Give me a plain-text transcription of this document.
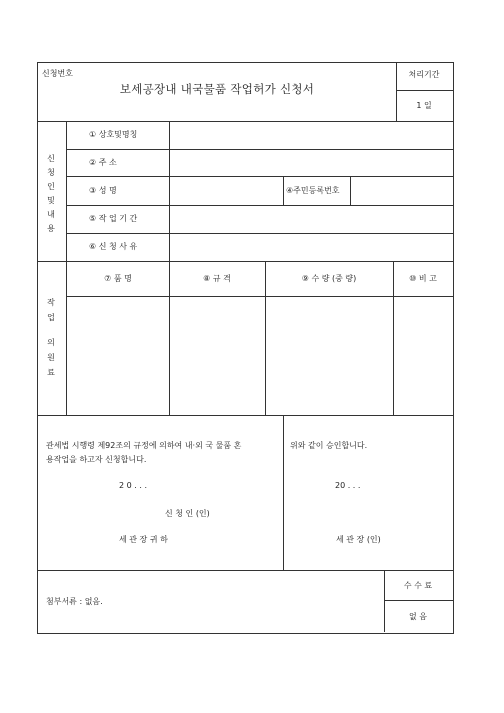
신청번호
보세공장내 내국물품 작업허가 신청서
처리기간
1 일
신
청
인
및
내
용
① 상호및명칭
② 주 소
③ 성 명	④주민등록번호
⑤ 작 업 기 간
⑥ 신 청 사 유
작
업
의
원
료
⑦ 품 명	⑧ 규 격	⑨ 수 량 (중 량)	⑩ 비 고
관세법 시행령 제92조의 규정에 의하여 내·외 국 물품 혼
용작업을 하고자 신청합니다.
2 0 . . .
신 청 인 (인)
세 관 장 귀 하
위와 같이 승인합니다.
20 . . .
세 관 장 (인)
첨부서류 : 없음.
수 수 료
없 음
